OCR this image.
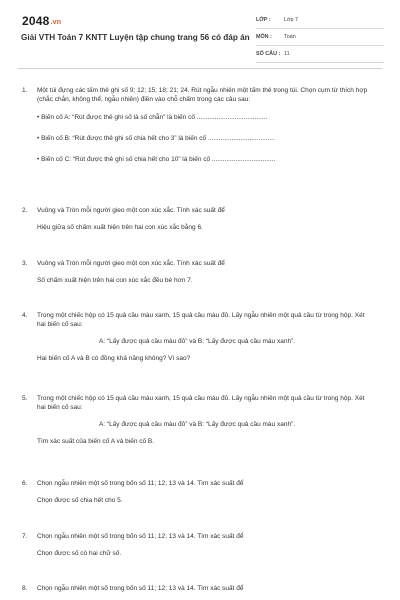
2048.vn
Giải VTH Toán 7 KNTT Luyện tập chung trang 56 có đáp án
LỚP :	Lớp 7
MÔN :	Toán
SỐ CÂU : 11
1.	Một túi đựng các tấm thẻ ghi số 9; 12; 15; 18; 21; 24. Rút ngẫu nhiên một tấm thẻ trong túi. Chọn cụm từ thích hợp (chắc chắn, không thể, ngẫu nhiên) điền vào chỗ chấm trong các câu sau:
• Biến cố A: “Rút được thẻ ghi số là số chẵn” là biến cố .......................................
• Biến cố B: “Rút được thẻ ghi số chia hết cho 3” là biến cố .....................................
• Biến cố C: “Rút được thẻ ghi số chia hết cho 10” là biến cố ...................................
2.	Vuông và Tròn mỗi người gieo một con xúc xắc. Tính xác suất để
Hiệu giữa số chấm xuất hiện trên hai con xúc xắc bằng 6.
3.	Vuông và Tròn mỗi người gieo một con xúc xắc. Tính xác suất để
Số chấm xuất hiện trên hai con xúc xắc đều bé hơn 7.
4.	Trong một chiếc hộp có 15 quả cầu màu xanh, 15 quả cầu màu đỏ. Lấy ngẫu nhiên một quả cầu từ trong hộp. Xét hai biến cố sau:
A: “Lấy được quả cầu màu đỏ” và B: “Lấy được quả cầu màu xanh”.
Hai biến cố A và B có đồng khả năng không? Vì sao?
5.	Trong một chiếc hộp có 15 quả cầu màu xanh, 15 quả cầu màu đỏ. Lấy ngẫu nhiên một quả cầu từ trong hộp. Xét hai biến cố sau:
A: “Lấy được quả cầu màu đỏ” và B: “Lấy được quả cầu màu xanh”.
Tìm xác suất của biến cố A và biến cố B.
6.	Chọn ngẫu nhiên một số trong bốn số 11; 12; 13 và 14. Tìm xác suất để
Chọn được số chia hết cho 5.
7.	Chọn ngẫu nhiên một số trong bốn số 11; 12; 13 và 14. Tìm xác suất để
Chọn được số có hai chữ số.
8.	Chọn ngẫu nhiên một số trong bốn số 11; 12; 13 và 14. Tìm xác suất để
